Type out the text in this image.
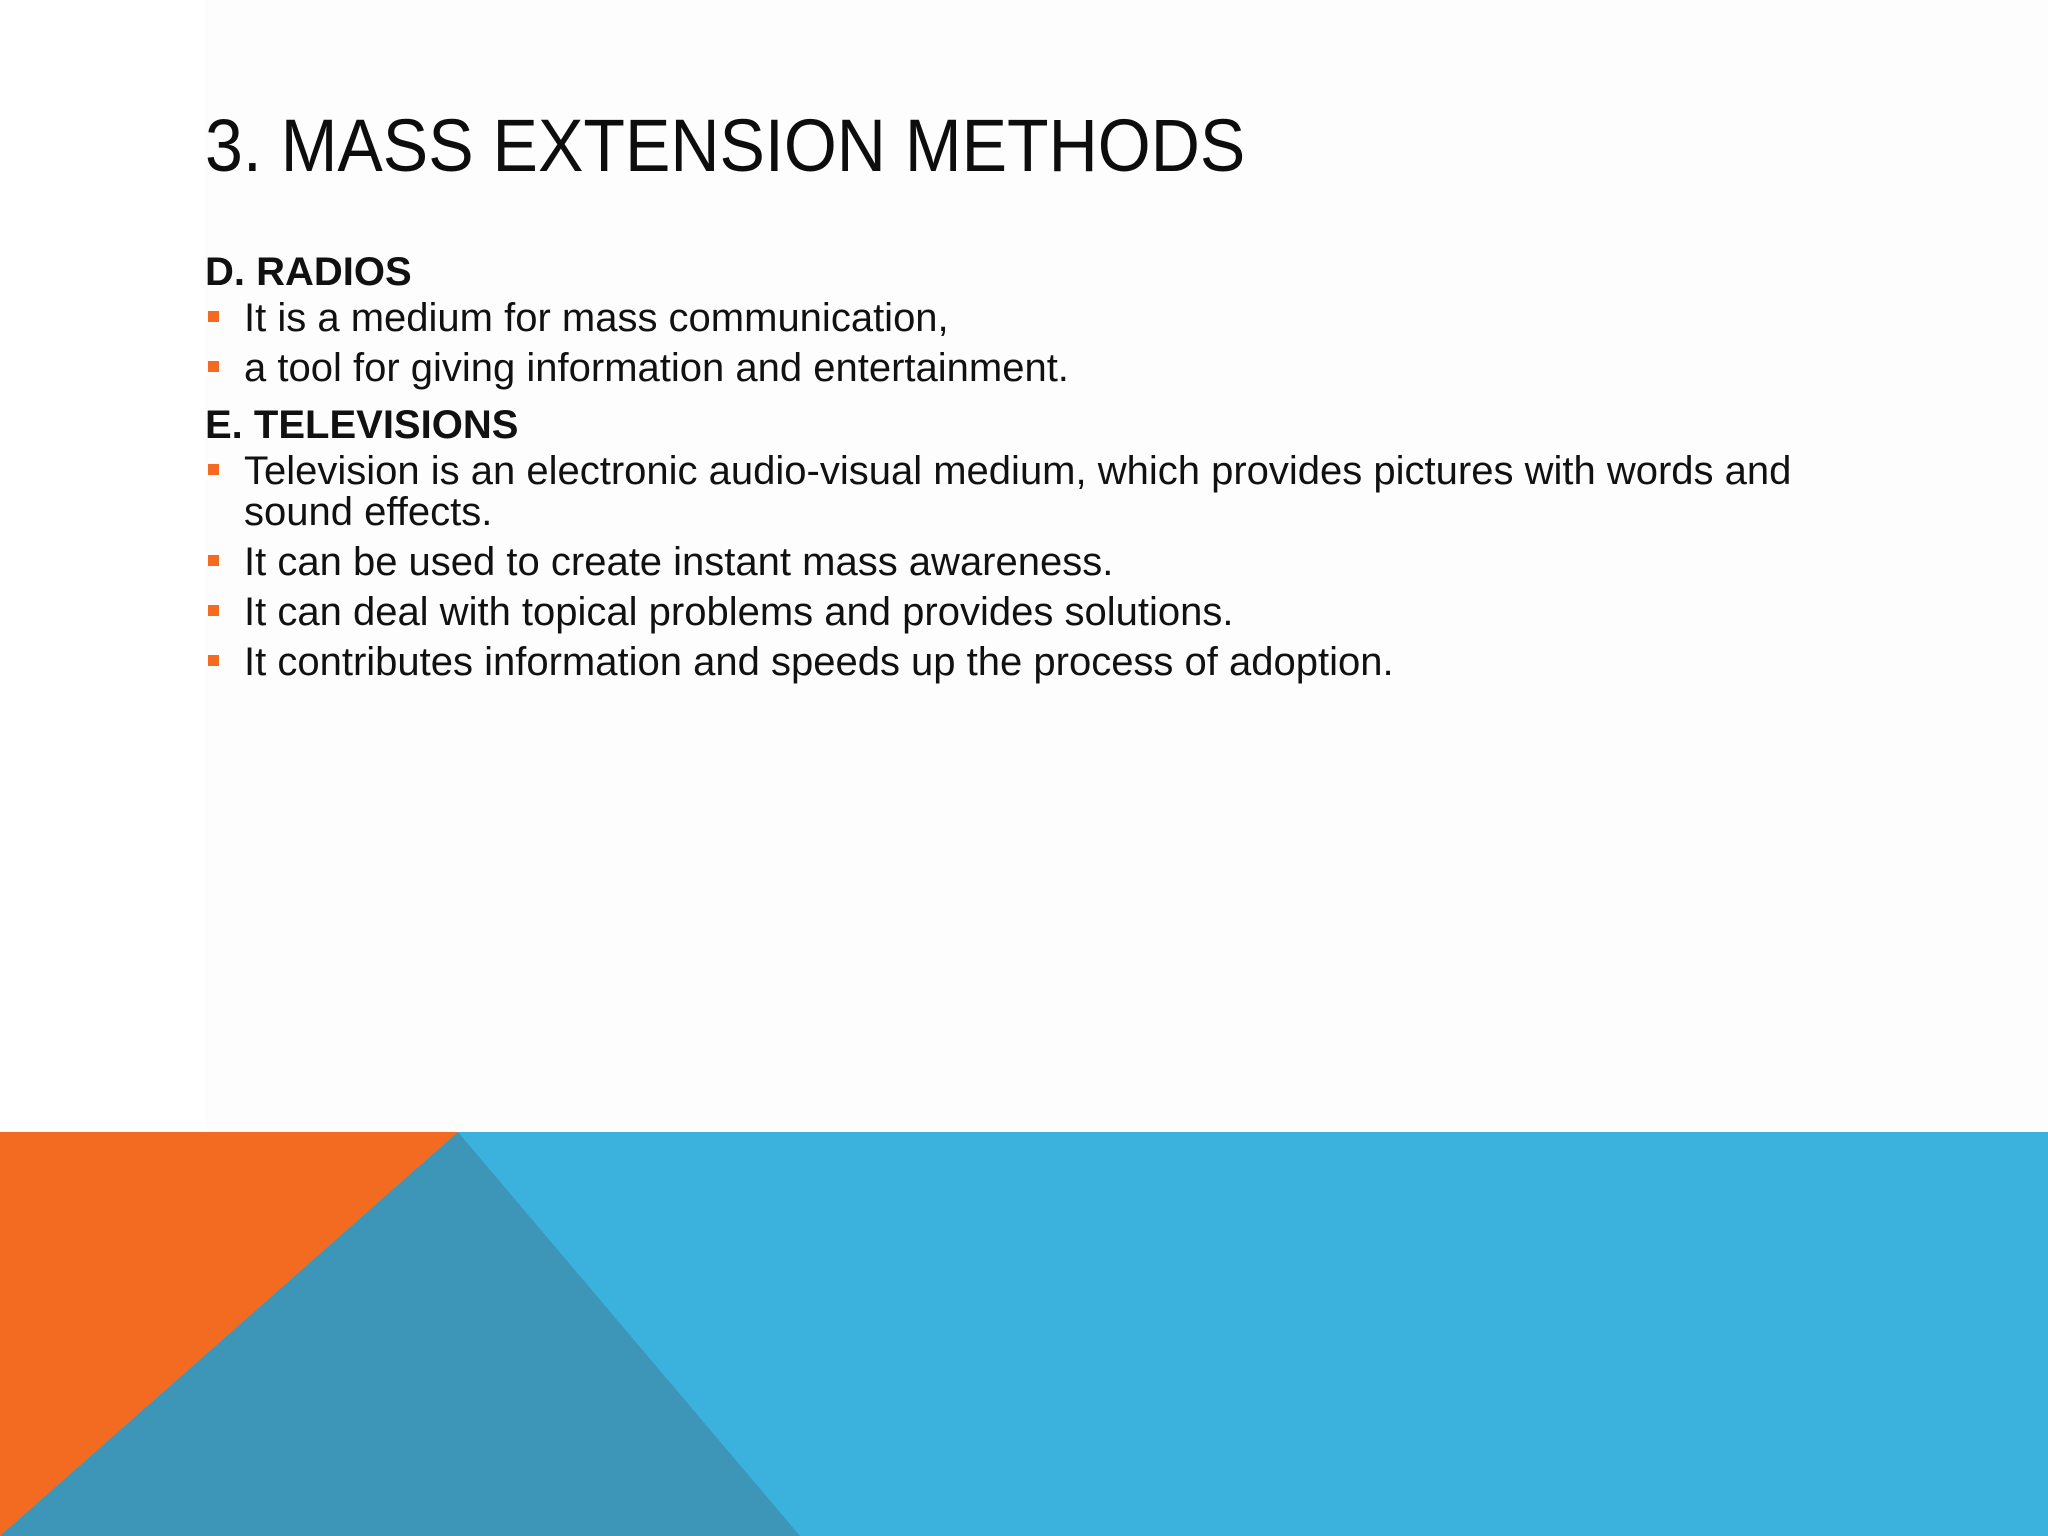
3. MASS EXTENSION METHODS
D. RADIOS
It is a medium for mass communication,
a tool for giving information and entertainment.
E. TELEVISIONS
Television is an electronic audio-visual medium, which provides pictures with words and sound effects.
It can be used to create instant mass awareness.
It can deal with topical problems and provides solutions.
It contributes information and speeds up the process of adoption.
